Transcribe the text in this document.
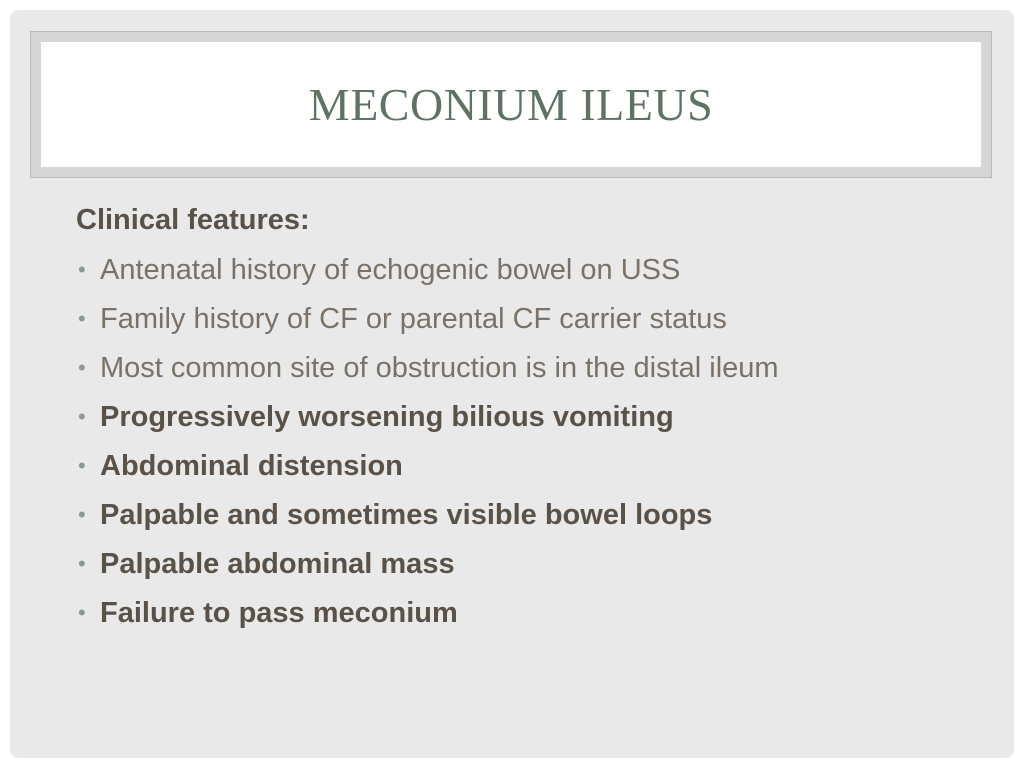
MECONIUM ILEUS
Clinical features:
• Antenatal history of echogenic bowel on USS
• Family history of CF or parental CF carrier status
• Most common site of obstruction is in the distal ileum
• Progressively worsening bilious vomiting
• Abdominal distension
• Palpable and sometimes visible bowel loops
• Palpable abdominal mass
• Failure to pass meconium
